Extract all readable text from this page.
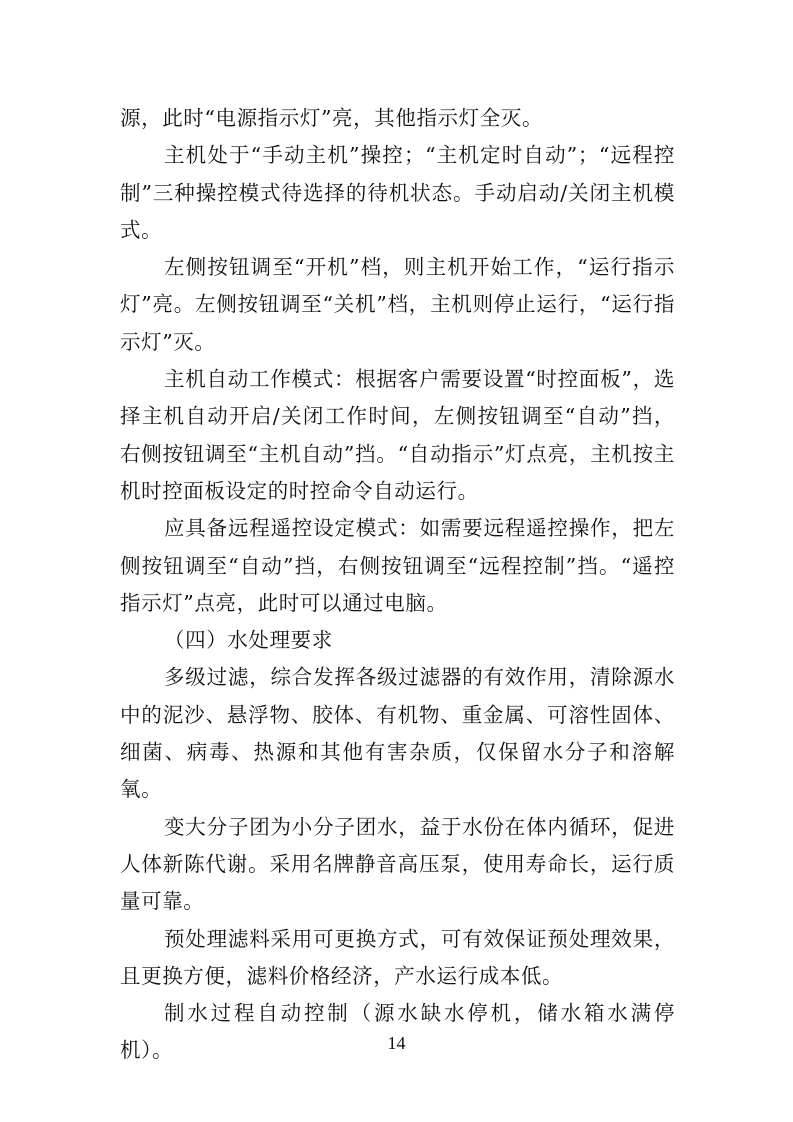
源，此时“电源指示灯”亮，其他指示灯全灭。

主机处于“手动主机”操控；“主机定时自动”；“远程控制”三种操控模式待选择的待机状态。手动启动/关闭主机模式。

左侧按钮调至“开机”档，则主机开始工作，“运行指示灯”亮。左侧按钮调至“关机”档，主机则停止运行，“运行指示灯”灭。

主机自动工作模式：根据客户需要设置“时控面板”，选择主机自动开启/关闭工作时间，左侧按钮调至“自动”挡，右侧按钮调至“主机自动”挡。“自动指示”灯点亮，主机按主机时控面板设定的时控命令自动运行。

应具备远程遥控设定模式：如需要远程遥控操作，把左侧按钮调至“自动”挡，右侧按钮调至“远程控制”挡。“遥控指示灯”点亮，此时可以通过电脑。

（四）水处理要求

多级过滤，综合发挥各级过滤器的有效作用，清除源水中的泥沙、悬浮物、胶体、有机物、重金属、可溶性固体、细菌、病毒、热源和其他有害杂质，仅保留水分子和溶解氧。

变大分子团为小分子团水，益于水份在体内循环，促进人体新陈代谢。采用名牌静音高压泵，使用寿命长，运行质量可靠。

预处理滤料采用可更换方式，可有效保证预处理效果，且更换方便，滤料价格经济，产水运行成本低。

制水过程自动控制（源水缺水停机，储水箱水满停机）。	14
